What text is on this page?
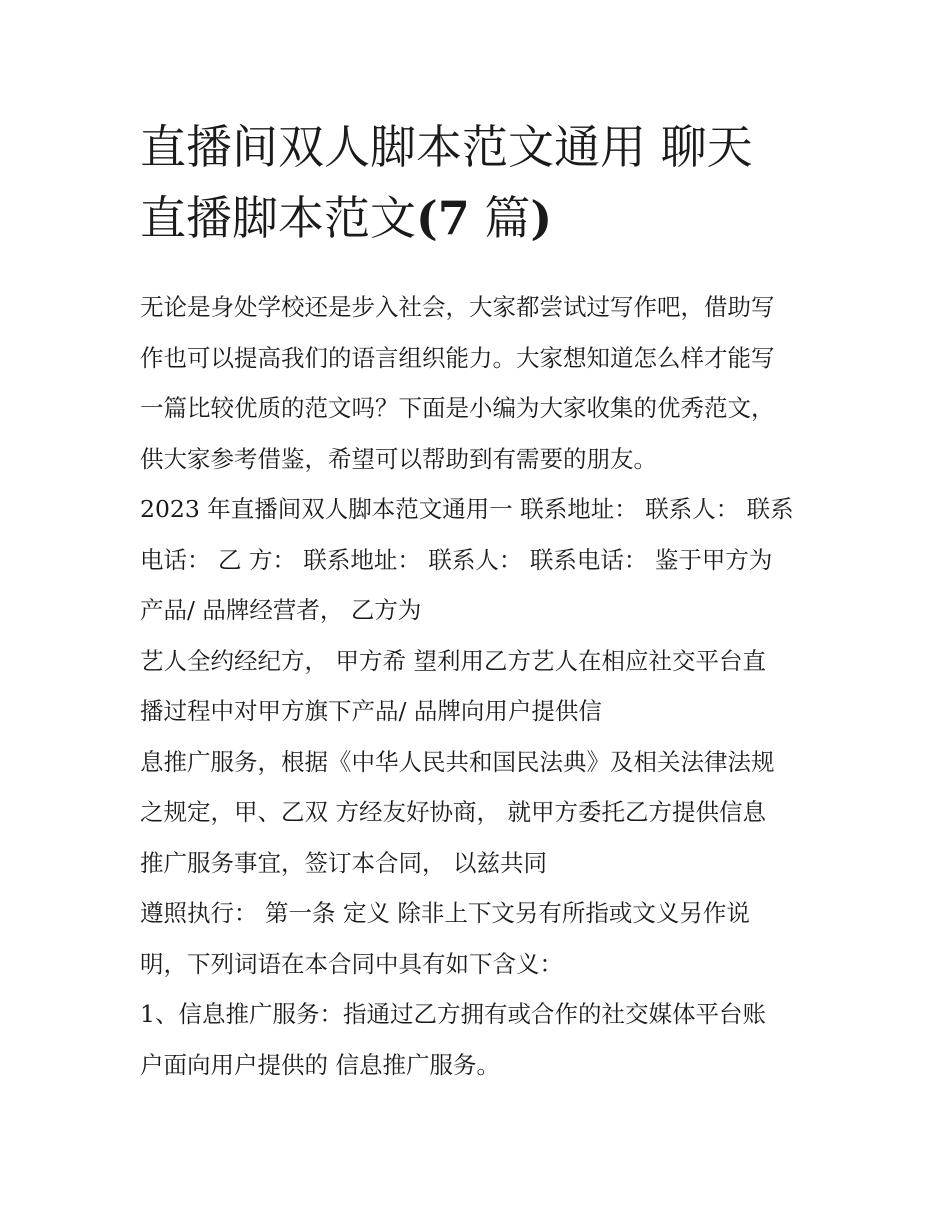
直播间双人脚本范文通用 聊天
直播脚本范文(7 篇)

无论是身处学校还是步入社会，大家都尝试过写作吧，借助写
作也可以提高我们的语言组织能力。大家想知道怎么样才能写
一篇比较优质的范文吗？下面是小编为大家收集的优秀范文，
供大家参考借鉴，希望可以帮助到有需要的朋友。

2023 年直播间双人脚本范文通用一 联系地址： 联系人： 联系
电话： 乙 方： 联系地址： 联系人： 联系电话： 鉴于甲方为
产品/ 品牌经营者， 乙方为

艺人全约经纪方， 甲方希 望利用乙方艺人在相应社交平台直
播过程中对甲方旗下产品/ 品牌向用户提供信

息推广服务，根据《中华人民共和国民法典》及相关法律法规
之规定，甲、乙双 方经友好协商， 就甲方委托乙方提供信息
推广服务事宜，签订本合同， 以兹共同

遵照执行： 第一条 定义 除非上下文另有所指或文义另作说
明，下列词语在本合同中具有如下含义：

1、信息推广服务：指通过乙方拥有或合作的社交媒体平台账
户面向用户提供的 信息推广服务。
